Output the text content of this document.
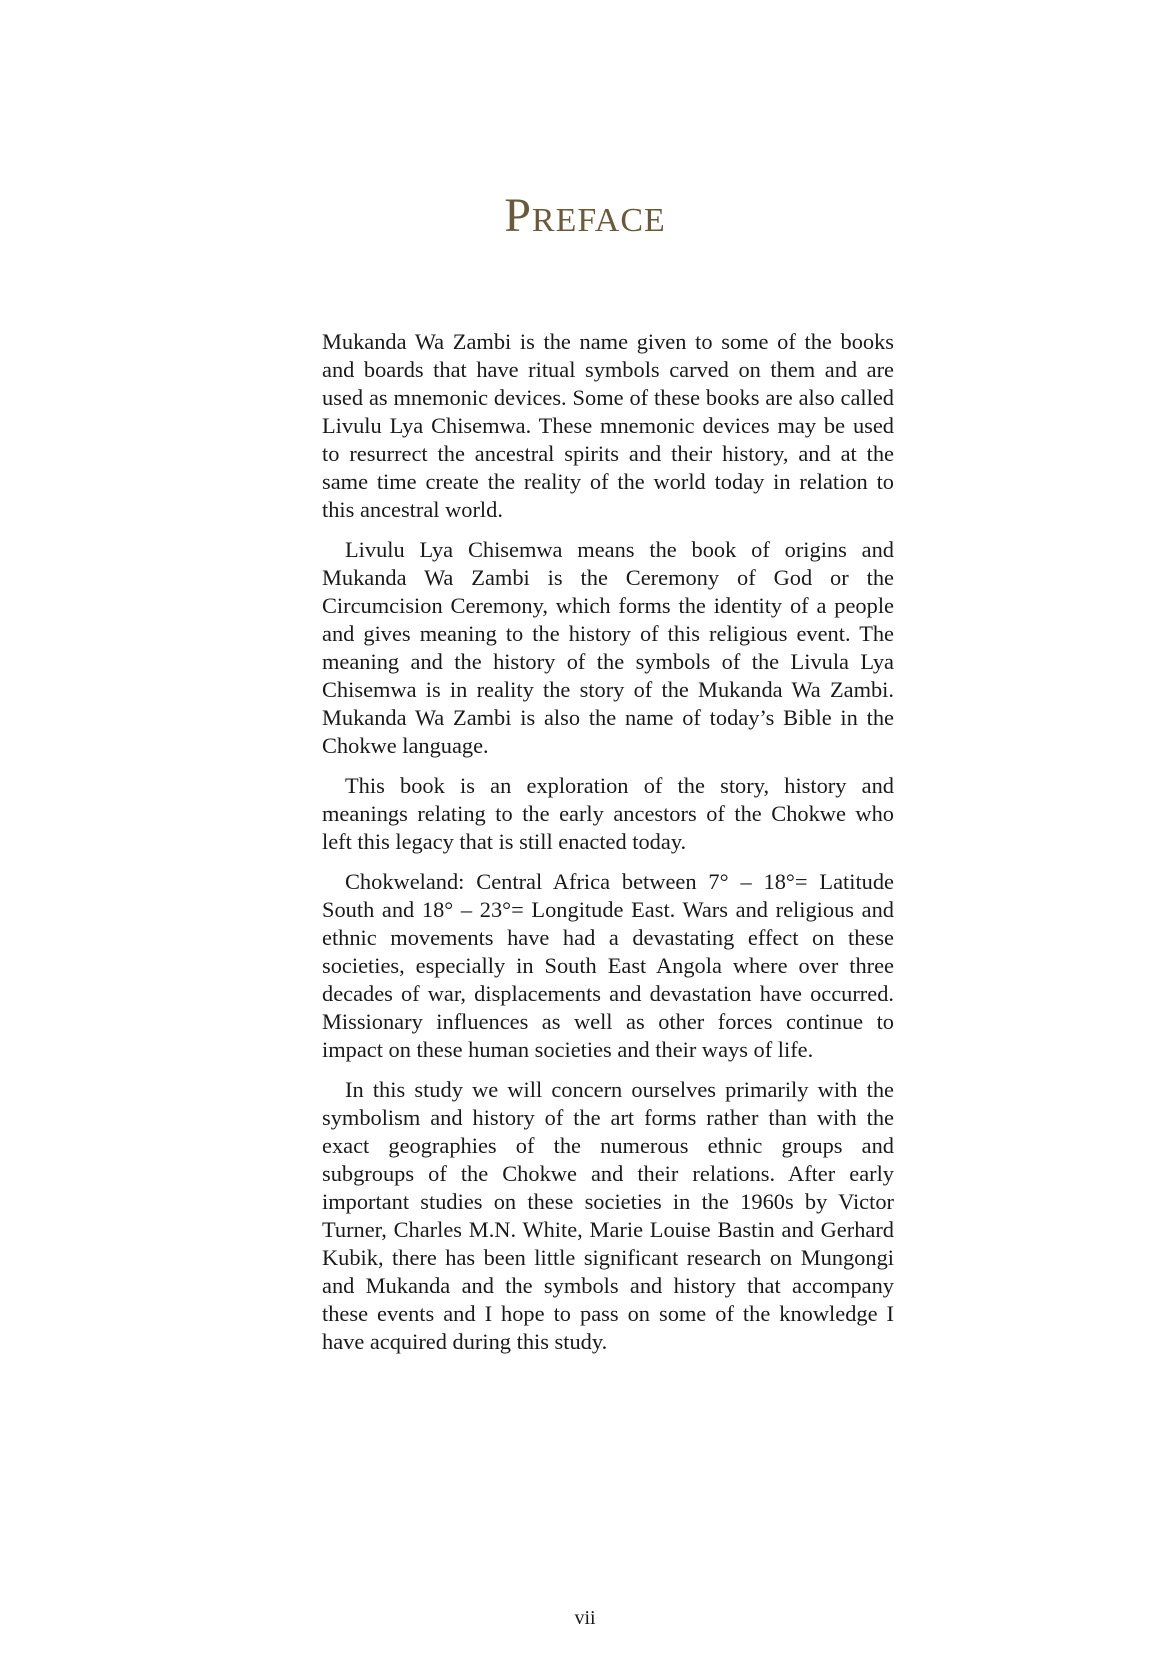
Preface

Mukanda Wa Zambi is the name given to some of the books and boards that have ritual symbols carved on them and are used as mnemonic devices. Some of these books are also called Livulu Lya Chisemwa. These mnemonic devices may be used to resurrect the ancestral spirits and their history, and at the same time create the reality of the world today in relation to this ancestral world.

Livulu Lya Chisemwa means the book of origins and Mukanda Wa Zambi is the Ceremony of God or the Circumcision Ceremony, which forms the identity of a people and gives meaning to the history of this religious event. The meaning and the history of the symbols of the Livula Lya Chisemwa is in reality the story of the Mukanda Wa Zambi. Mukanda Wa Zambi is also the name of today’s Bible in the Chokwe language.

This book is an exploration of the story, history and meanings relating to the early ancestors of the Chokwe who left this legacy that is still enacted today.

Chokweland: Central Africa between 7° – 18°= Latitude South and 18° – 23°= Longitude East. Wars and religious and ethnic movements have had a devastating effect on these societies, especially in South East Angola where over three decades of war, displacements and devastation have occurred. Missionary influences as well as other forces continue to impact on these human societies and their ways of life.

In this study we will concern ourselves primarily with the symbolism and history of the art forms rather than with the exact geographies of the numerous ethnic groups and subgroups of the Chokwe and their relations. After early important studies on these societies in the 1960s by Victor Turner, Charles M.N. White, Marie Louise Bastin and Gerhard Kubik, there has been little significant research on Mungongi and Mukanda and the symbols and history that accompany these events and I hope to pass on some of the knowledge I have acquired during this study.

vii
